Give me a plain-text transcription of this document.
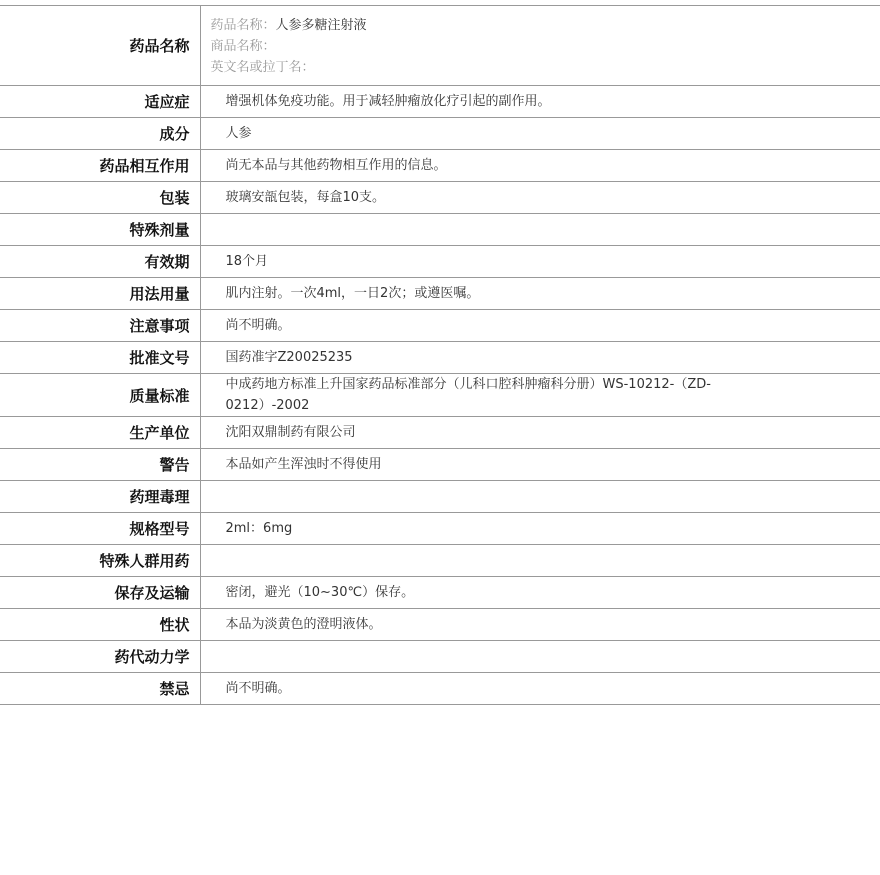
药品名称	药品名称：人参多糖注射液
商品名称：
英文名或拉丁名：

适应症	增强机体免疫功能。用于减轻肿瘤放化疗引起的副作用。

成分	人参

药品相互作用	尚无本品与其他药物相互作用的信息。

包装	玻璃安瓿包装，每盒10支。

特殊剂量	

有效期	18个月

用法用量	肌内注射。一次4ml，一日2次；或遵医嘱。

注意事项	尚不明确。

批准文号	国药准字Z20025235

质量标准	中成药地方标准上升国家药品标准部分（儿科口腔科肿瘤科分册）WS-10212-（ZD-0212）-2002

生产单位	沈阳双鼎制药有限公司

警告	本品如产生浑浊时不得使用

药理毒理	

规格型号	2ml：6mg

特殊人群用药	

保存及运输	密闭，避光（10~30℃）保存。

性状	本品为淡黄色的澄明液体。

药代动力学	

禁忌	尚不明确。
